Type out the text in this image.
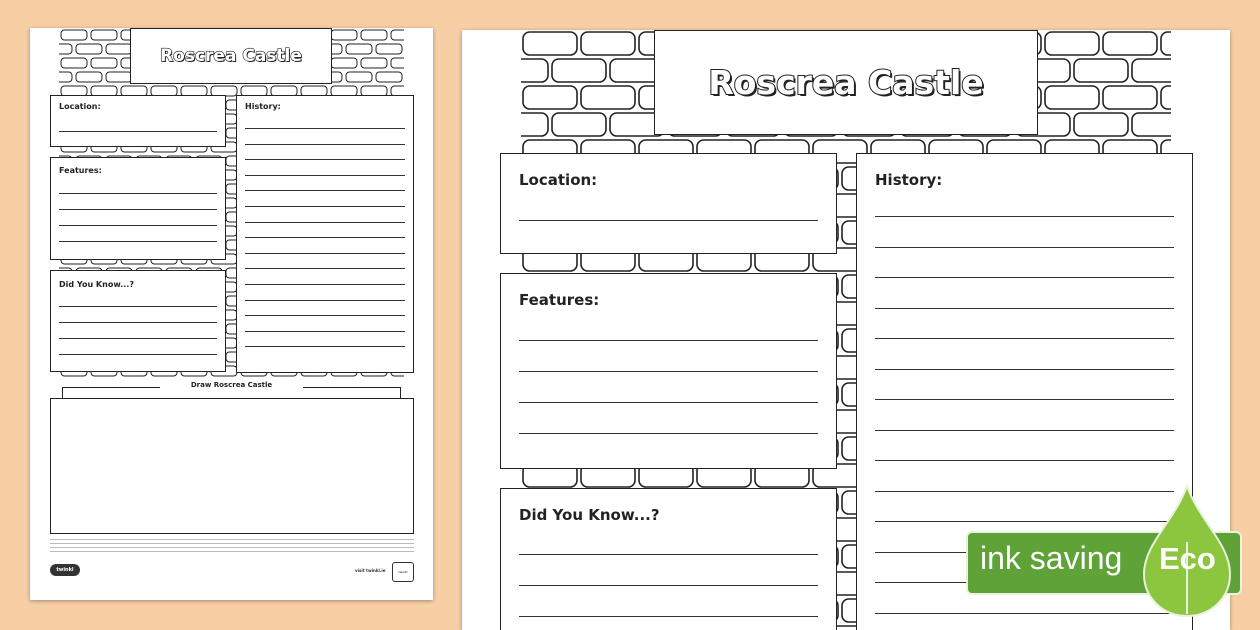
Roscrea Castle
Location:	History:
Features:
Did You Know...?
Draw Roscrea Castle
twinkl	visit twinkl.ie	twinkl
Roscrea Castle
Location:	History:
Features:
Did You Know...?
ink saving Eco
